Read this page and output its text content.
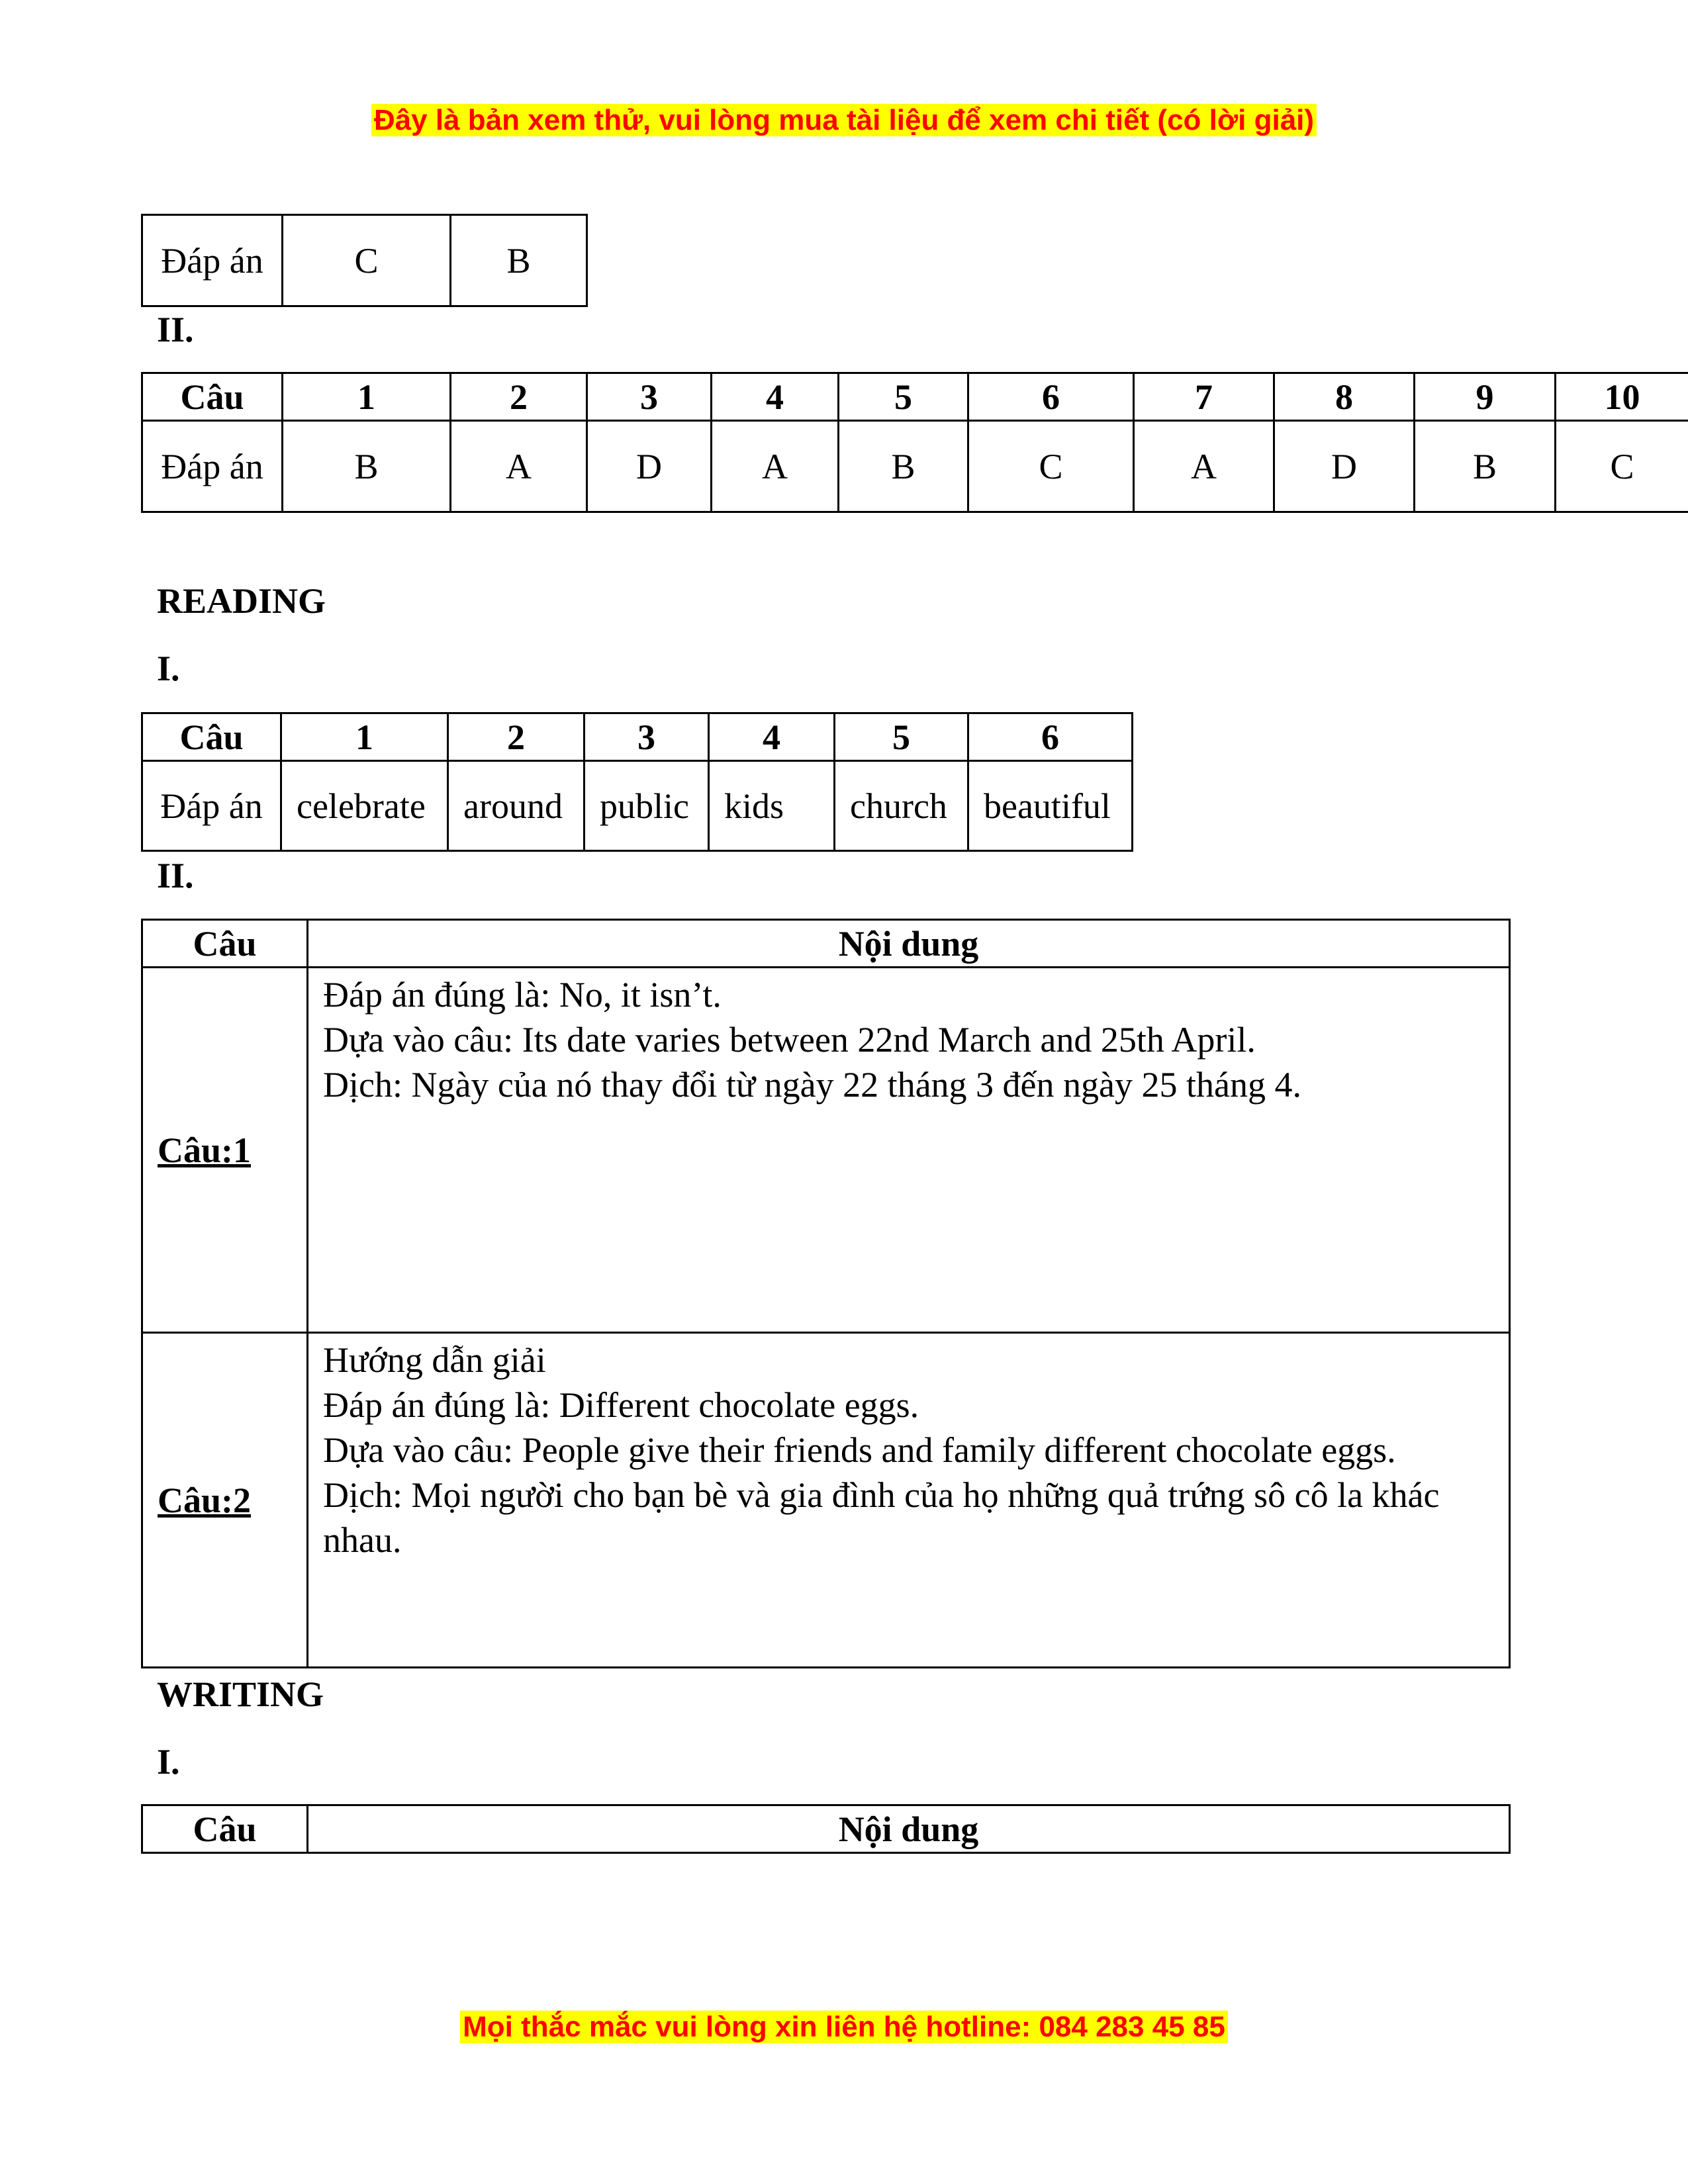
Đây là bản xem thử, vui lòng mua tài liệu để xem chi tiết (có lời giải)
Đáp án	C	B
II.
Câu	1	2	3	4	5	6	7	8	9	10
Đáp án	B	A	D	A	B	C	A	D	B	C
READING
I.
Câu	1	2	3	4	5	6
Đáp án	celebrate	around	public	kids	church	beautiful
II.
Câu	Nội dung
Câu:1	Đáp án đúng là: No, it isn’t.

Dựa vào câu: Its date varies between 22nd March and 25th April.

Dịch: Ngày của nó thay đổi từ ngày 22 tháng 3 đến ngày 25 tháng 4.

Câu:2	Hướng dẫn giải

Đáp án đúng là: Different chocolate eggs.

Dựa vào câu: People give their friends and family different chocolate eggs.

Dịch: Mọi người cho bạn bè và gia đình của họ những quả trứng sô cô la khác nhau.

WRITING
I.
Câu	Nội dung
Mọi thắc mắc vui lòng xin liên hệ hotline: 084 283 45 85
